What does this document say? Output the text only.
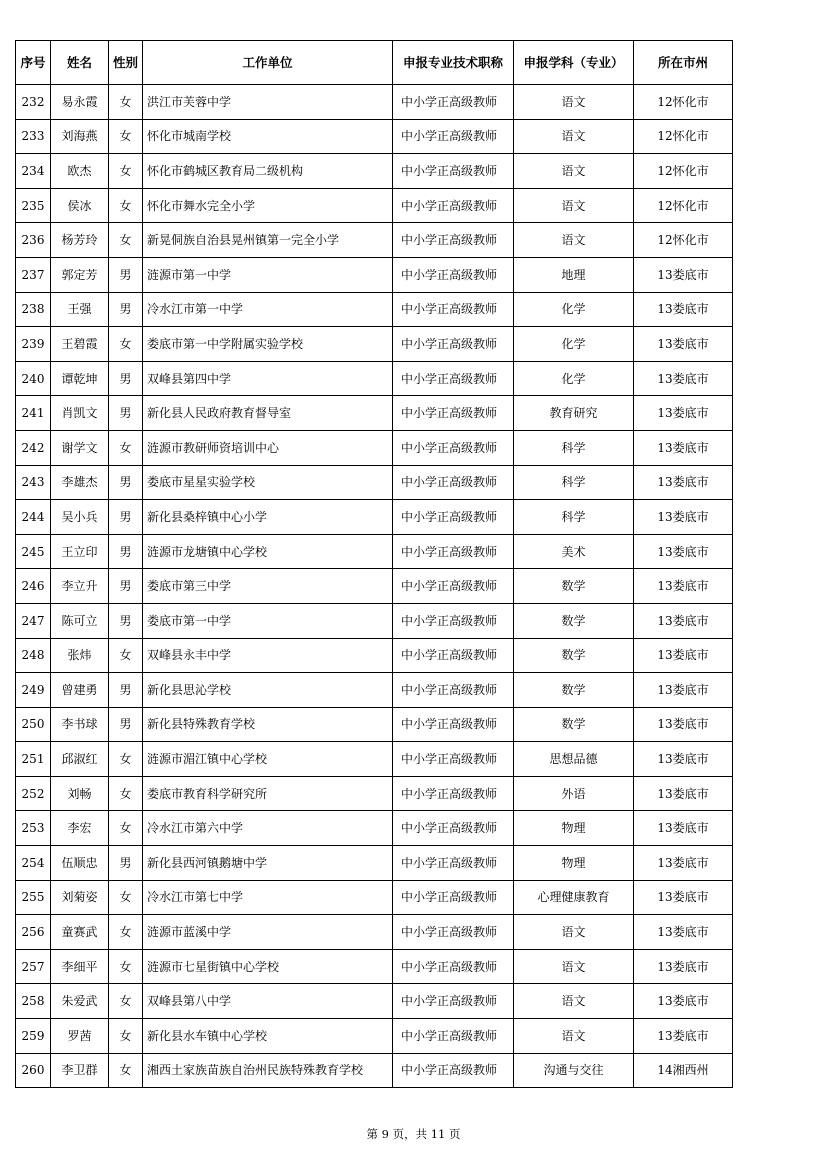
序号	姓名	性别	工作单位	申报专业技术职称	申报学科（专业）	所在市州
232	易永霞	女	洪江市芙蓉中学	中小学正高级教师	语文	12怀化市
233	刘海燕	女	怀化市城南学校	中小学正高级教师	语文	12怀化市
234	欧杰	女	怀化市鹤城区教育局二级机构	中小学正高级教师	语文	12怀化市
235	侯冰	女	怀化市舞水完全小学	中小学正高级教师	语文	12怀化市
236	杨芳玲	女	新晃侗族自治县晃州镇第一完全小学	中小学正高级教师	语文	12怀化市
237	郭定芳	男	涟源市第一中学	中小学正高级教师	地理	13娄底市
238	王强	男	冷水江市第一中学	中小学正高级教师	化学	13娄底市
239	王碧霞	女	娄底市第一中学附属实验学校	中小学正高级教师	化学	13娄底市
240	谭乾坤	男	双峰县第四中学	中小学正高级教师	化学	13娄底市
241	肖凯文	男	新化县人民政府教育督导室	中小学正高级教师	教育研究	13娄底市
242	谢学文	女	涟源市教研师资培训中心	中小学正高级教师	科学	13娄底市
243	李雄杰	男	娄底市星星实验学校	中小学正高级教师	科学	13娄底市
244	吴小兵	男	新化县桑梓镇中心小学	中小学正高级教师	科学	13娄底市
245	王立印	男	涟源市龙塘镇中心学校	中小学正高级教师	美术	13娄底市
246	李立升	男	娄底市第三中学	中小学正高级教师	数学	13娄底市
247	陈可立	男	娄底市第一中学	中小学正高级教师	数学	13娄底市
248	张炜	女	双峰县永丰中学	中小学正高级教师	数学	13娄底市
249	曾建勇	男	新化县思沁学校	中小学正高级教师	数学	13娄底市
250	李书球	男	新化县特殊教育学校	中小学正高级教师	数学	13娄底市
251	邱淑红	女	涟源市湄江镇中心学校	中小学正高级教师	思想品德	13娄底市
252	刘畅	女	娄底市教育科学研究所	中小学正高级教师	外语	13娄底市
253	李宏	女	冷水江市第六中学	中小学正高级教师	物理	13娄底市
254	伍顺忠	男	新化县西河镇鹅塘中学	中小学正高级教师	物理	13娄底市
255	刘菊姿	女	冷水江市第七中学	中小学正高级教师	心理健康教育	13娄底市
256	童赛武	女	涟源市蓝溪中学	中小学正高级教师	语文	13娄底市
257	李细平	女	涟源市七星街镇中心学校	中小学正高级教师	语文	13娄底市
258	朱爱武	女	双峰县第八中学	中小学正高级教师	语文	13娄底市
259	罗茜	女	新化县水车镇中心学校	中小学正高级教师	语文	13娄底市
260	李卫群	女	湘西土家族苗族自治州民族特殊教育学校	中小学正高级教师	沟通与交往	14湘西州
第 9 页，共 11 页
